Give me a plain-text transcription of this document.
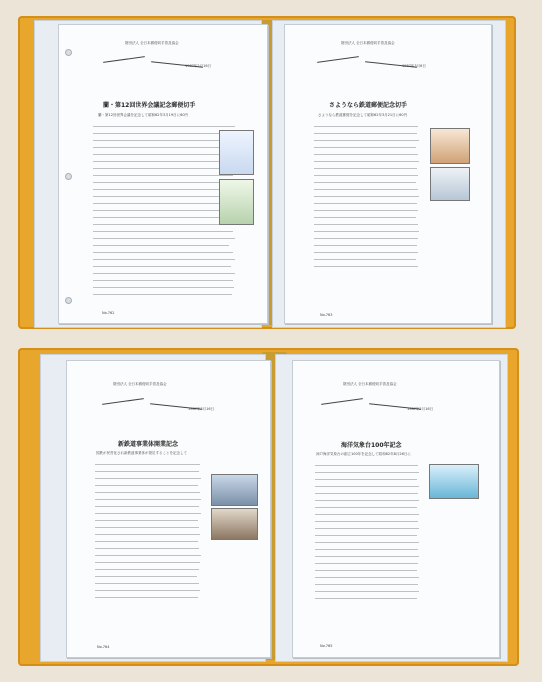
財団法人 全日本郵便切手普及協会
1987年2月16日
蘭・第12回世界会議記念郵便切手
蘭・第12回世界会議を記念して昭和62年3月19日に60円
No.762
財団法人 全日本郵便切手普及協会
1987年3月6日
さようなら鉄道郵便記念切手
さようなら鉄道郵便を記念して昭和62年3月21日に60円
No.763
財団法人 全日本郵便切手普及協会
1987年3月16日
新鉄道事業体開業記念
国鉄が民営化され新鉄道事業体が発足することを記念して
No.764
財団法人 全日本郵便切手普及協会
1987年2月16日
海洋気象台100年記念
神戸海洋気象台の創立100年を記念して昭和62年8月26日に
No.765
